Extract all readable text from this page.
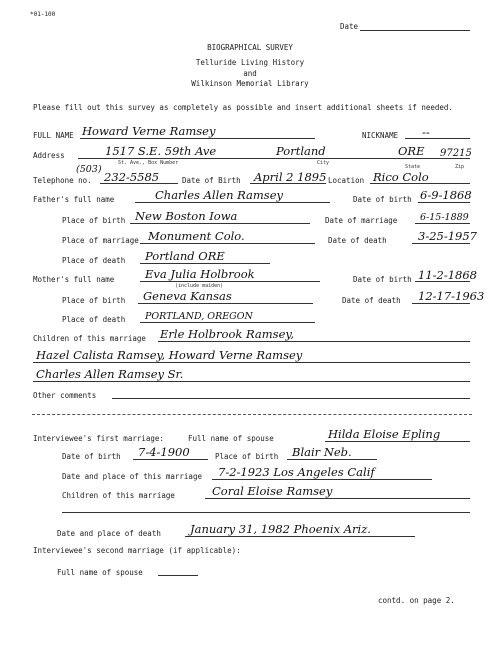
*01-100
Date
BIOGRAPHICAL SURVEY
Telluride Living History
and
Wilkinson Memorial Library
Please fill out this survey as completely as possible and insert additional sheets if needed.
FULL NAME Howard Verne Ramsey	NICKNAME --
Address	1517 S.E. 59th Ave	Portland	ORE 97215
St. Ave., Box Number	City
State	Zip
Telephone no.
(503)
232-5585	Date of Birth April 2 1895 Location Rico Colo
Father's full name	Charles Allen Ramsey	Date of birth 6-9-1868
Place of birth New Boston Iowa	Date of marriage 6-15-1889
Place of marriage Monument Colo.	Date of death	3-25-1957
Place of death Portland ORE
Mother's full name	Eva Julia Holbrook
(include maiden)
Date of birth 11-2-1868
Place of birth Geneva Kansas	Date of death 12-17-1963
Place of death PORTLAND, OREGON
Children of this marriage Erle Holbrook Ramsey,
Hazel Calista Ramsey, Howard Verne Ramsey
Charles Allen Ramsey Sr.
Other comments
Interviewee's first marriage:	Full name of spouse	Hilda Eloise Epling
Date of birth 7-4-1900	Place of birth Blair Neb.
Date and place of this marriage 7-2-1923 Los Angeles Calif
Children of this marriage	Coral Eloise Ramsey
Date and place of death	January 31, 1982 Phoenix Ariz.
Interviewee's second marriage (if applicable):
Full name of spouse
contd. on page 2.
